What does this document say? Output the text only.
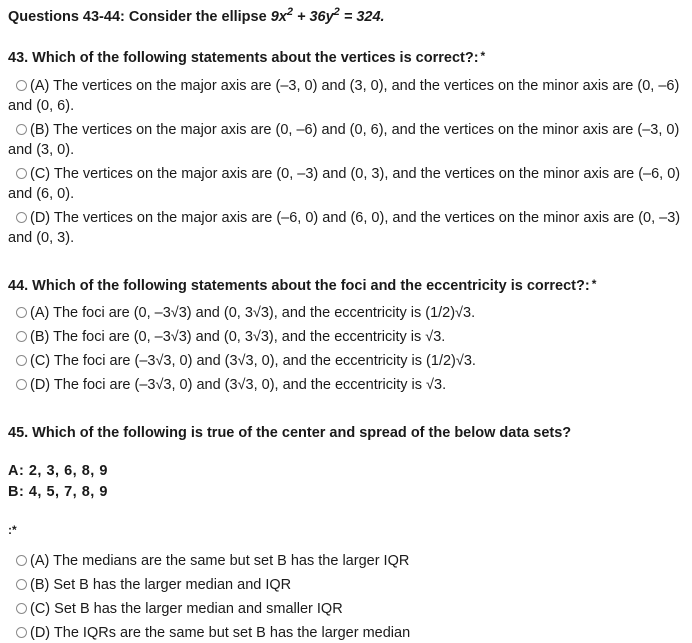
Questions 43-44: Consider the ellipse $9x^2 + 36y^2 = 324$.
43. Which of the following statements about the vertices is correct?: *
(A) The vertices on the major axis are (–3, 0) and (3, 0), and the vertices on the minor axis are (0, –6) and (0, 6).
(B) The vertices on the major axis are (0, –6) and (0, 6), and the vertices on the minor axis are (–3, 0) and (3, 0).
(C) The vertices on the major axis are (0, –3) and (0, 3), and the vertices on the minor axis are (–6, 0) and (6, 0).
(D) The vertices on the major axis are (–6, 0) and (6, 0), and the vertices on the minor axis are (0, –3) and (0, 3).
44. Which of the following statements about the foci and the eccentricity is correct?: *
(A) The foci are (0, –3√3) and (0, 3√3), and the eccentricity is (1/2)√3.
(B) The foci are (0, –3√3) and (0, 3√3), and the eccentricity is √3.
(C) The foci are (–3√3, 0) and (3√3, 0), and the eccentricity is (1/2)√3.
(D) The foci are (–3√3, 0) and (3√3, 0), and the eccentricity is √3.
45. Which of the following is true of the center and spread of the below data sets?
A: 2, 3, 6, 8, 9
B: 4, 5, 7, 8, 9
:*
(A) The medians are the same but set B has the larger IQR
(B) Set B has the larger median and IQR
(C) Set B has the larger median and smaller IQR
(D) The IQRs are the same but set B has the larger median
